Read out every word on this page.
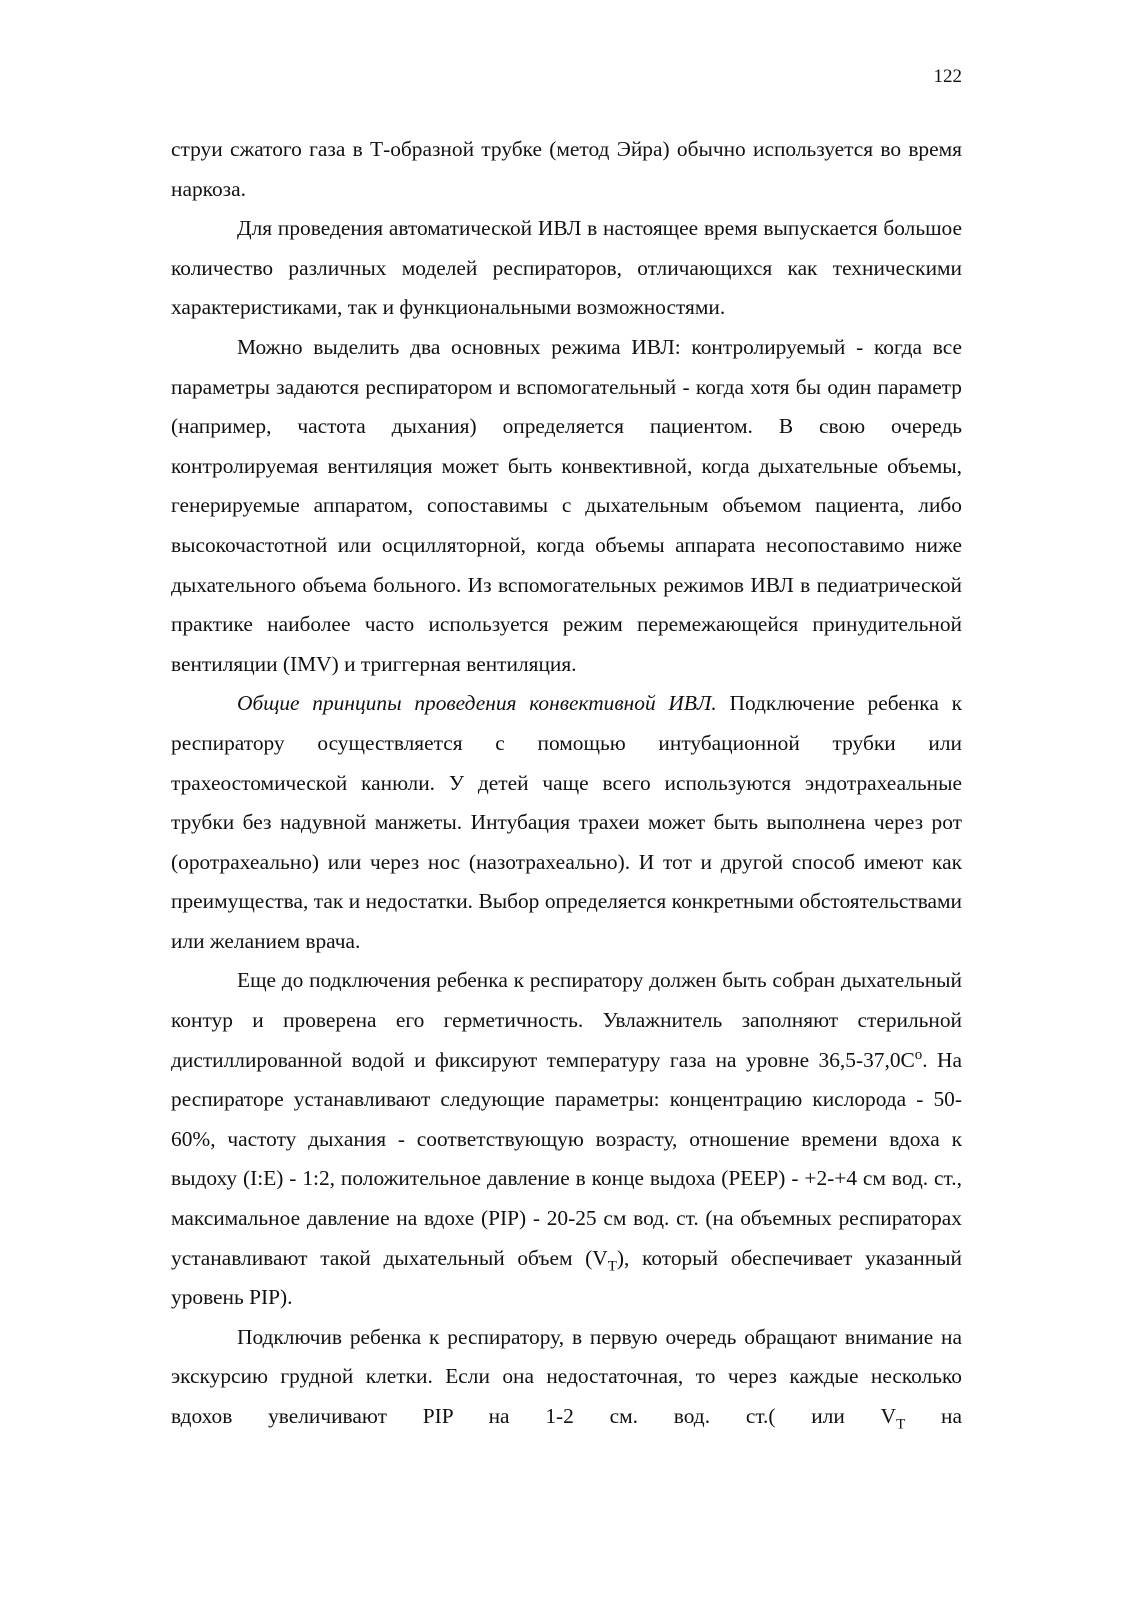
122

струи сжатого газа в Т-образной трубке (метод Эйра) обычно используется во время наркоза.

Для проведения автоматической ИВЛ в настоящее время выпускается большое количество различных моделей респираторов, отличающихся как техническими характеристиками, так и функциональными возможностями.

Можно выделить два основных режима ИВЛ: контролируемый - когда все параметры задаются респиратором и вспомогательный - когда хотя бы один параметр (например, частота дыхания) определяется пациентом. В свою очередь контролируемая вентиляция может быть конвективной, когда дыхательные объемы, генерируемые аппаратом, сопоставимы с дыхательным объемом пациента, либо высокочастотной или осцилляторной, когда объемы аппарата несопоставимо ниже дыхательного объема больного. Из вспомогательных режимов ИВЛ в педиатрической практике наиболее часто используется режим перемежающейся принудительной вентиляции (IMV) и триггерная вентиляция.

Общие принципы проведения конвективной ИВЛ. Подключение ребенка к респиратору осуществляется с помощью интубационной трубки или трахеостомической канюли. У детей чаще всего используются эндотрахеальные трубки без надувной манжеты. Интубация трахеи может быть выполнена через рот (оротрахеально) или через нос (назотрахеально). И тот и другой способ имеют как преимущества, так и недостатки. Выбор определяется конкретными обстоятельствами или желанием врача.

Еще до подключения ребенка к респиратору должен быть собран дыхательный контур и проверена его герметичность. Увлажнитель заполняют стерильной дистиллированной водой и фиксируют температуру газа на уровне $36,5-37,0С^о$. На респираторе устанавливают следующие параметры: концентрацию кислорода - 50-60%, частоту дыхания - соответствующую возрасту, отношение времени вдоха к выдоху (I:E) - 1:2, положительное давление в конце выдоха (PEEP) - +2-+4 см вод. ст., максимальное давление на вдохе (PIP) - 20-25 см вод. ст. (на объемных респираторах устанавливают такой дыхательный объем $(V_T)$, который обеспечивает указанный уровень PIP).

Подключив ребенка к респиратору, в первую очередь обращают внимание на экскурсию грудной клетки. Если она недостаточная, то через каждые несколько вдохов увеличивают PIP на 1-2 см. вод. ст.( или $V_T$ на
